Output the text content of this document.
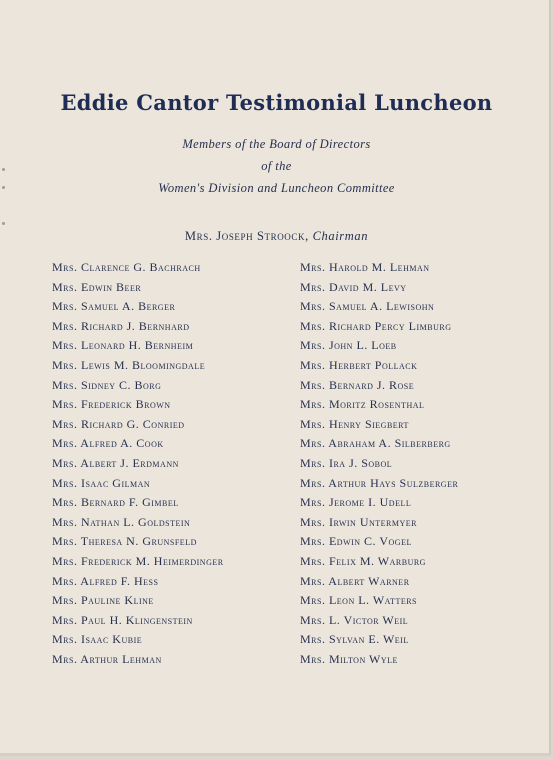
Eddie Cantor Testimonial Luncheon
Members of the Board of Directors
of the
Women's Division and Luncheon Committee
Mrs. Joseph Stroock, Chairman
Mrs. Clarence G. Bachrach
Mrs. Edwin Beer
Mrs. Samuel A. Berger
Mrs. Richard J. Bernhard
Mrs. Leonard H. Bernheim
Mrs. Lewis M. Bloomingdale
Mrs. Sidney C. Borg
Mrs. Frederick Brown
Mrs. Richard G. Conried
Mrs. Alfred A. Cook
Mrs. Albert J. Erdmann
Mrs. Isaac Gilman
Mrs. Bernard F. Gimbel
Mrs. Nathan L. Goldstein
Mrs. Theresa N. Grunsfeld
Mrs. Frederick M. Heimerdinger
Mrs. Alfred F. Hess
Mrs. Pauline Kline
Mrs. Paul H. Klingenstein
Mrs. Isaac Kubie
Mrs. Arthur Lehman
Mrs. Harold M. Lehman
Mrs. David M. Levy
Mrs. Samuel A. Lewisohn
Mrs. Richard Percy Limburg
Mrs. John L. Loeb
Mrs. Herbert Pollack
Mrs. Bernard J. Rose
Mrs. Moritz Rosenthal
Mrs. Henry Siegbert
Mrs. Abraham A. Silberberg
Mrs. Ira J. Sobol
Mrs. Arthur Hays Sulzberger
Mrs. Jerome I. Udell
Mrs. Irwin Untermyer
Mrs. Edwin C. Vogel
Mrs. Felix M. Warburg
Mrs. Albert Warner
Mrs. Leon L. Watters
Mrs. L. Victor Weil
Mrs. Sylvan E. Weil
Mrs. Milton Wyle
